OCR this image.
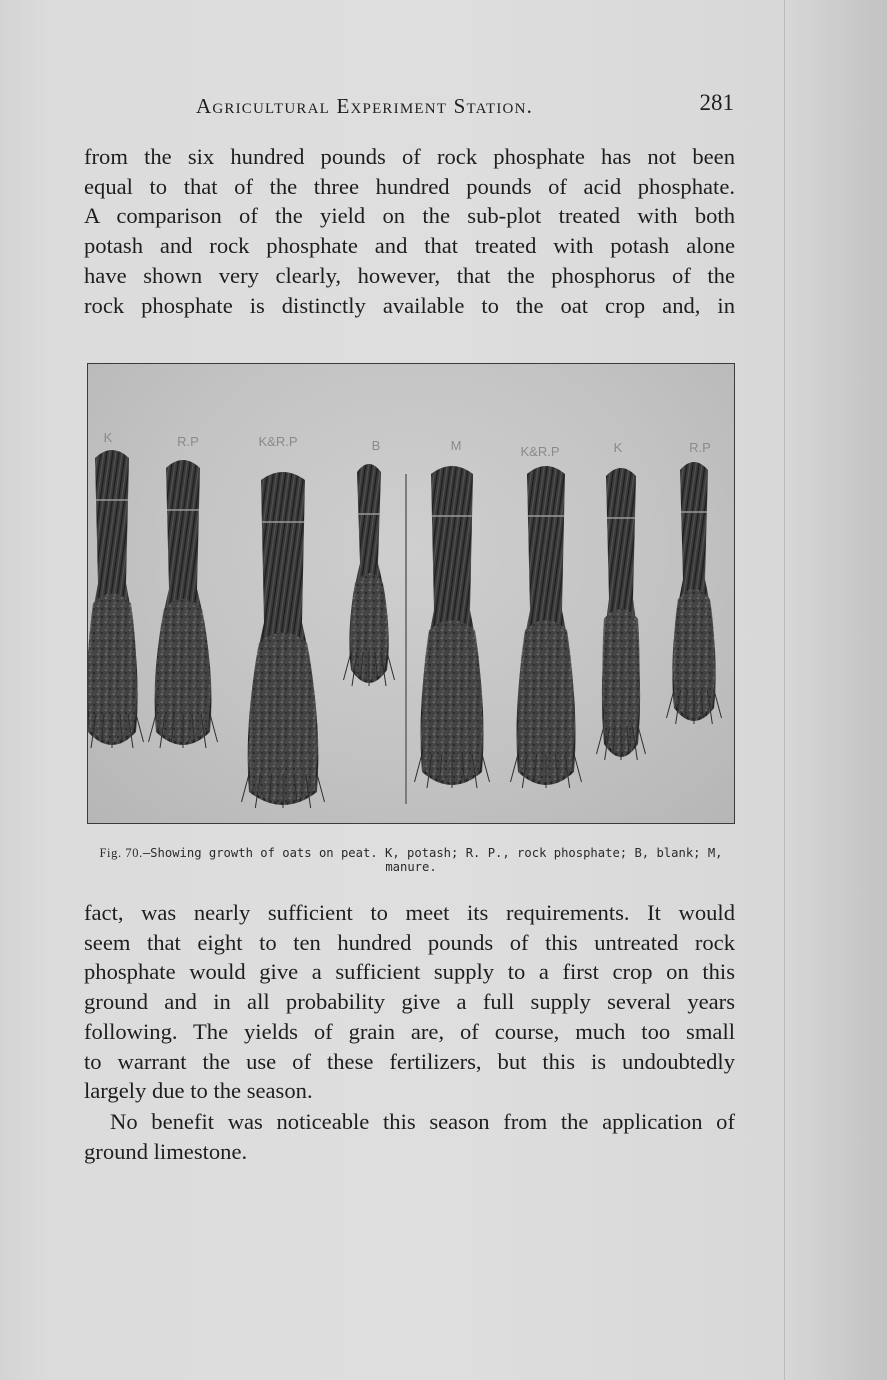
Agricultural Experiment Station.	281
from the six hundred pounds of rock phosphate has not been
equal to that of the three hundred pounds of acid phosphate.
A comparison of the yield on the sub-plot treated with both
potash and rock phosphate and that treated with potash alone
have shown very clearly, however, that the phosphorus of the
rock phosphate is distinctly available to the oat crop and, in
K	R.P	K&R.P	B	M	K&R.P	K	R.P
Fig. 70.—Showing growth of oats on peat. K, potash; R. P., rock phosphate; B, blank; M, manure.
fact, was nearly sufficient to meet its requirements. It would
seem that eight to ten hundred pounds of this untreated rock
phosphate would give a sufficient supply to a first crop on this
ground and in all probability give a full supply several years
following. The yields of grain are, of course, much too small
to warrant the use of these fertilizers, but this is undoubtedly
largely due to the season.
No benefit was noticeable this season from the application of
ground limestone.
